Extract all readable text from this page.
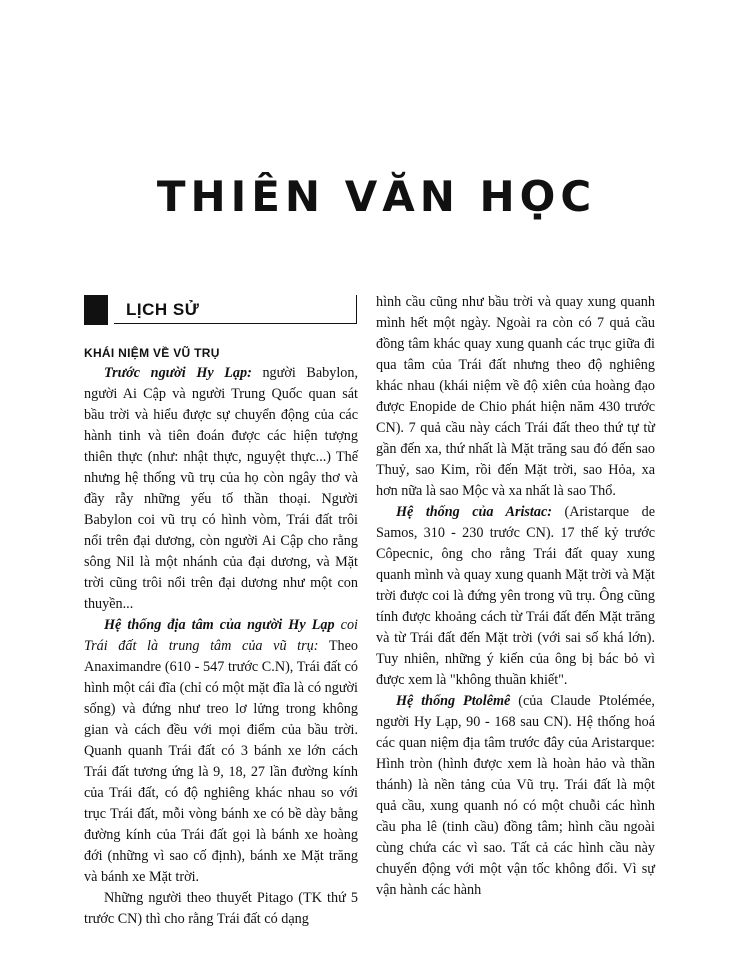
THIÊN VĂN HỌC
LỊCH SỬ
KHÁI NIỆM VỀ VŨ TRỤ

Trước người Hy Lạp: người Babylon, người Ai Cập và người Trung Quốc quan sát bầu trời và hiểu được sự chuyển động của các hành tinh và tiên đoán được các hiện tượng thiên thực (như: nhật thực, nguyệt thực...) Thế nhưng hệ thống vũ trụ của họ còn ngây thơ và đầy rẫy những yếu tố thần thoại. Người Babylon coi vũ trụ có hình vòm, Trái đất trôi nổi trên đại dương, còn người Ai Cập cho rằng sông Nil là một nhánh của đại dương, và Mặt trời cũng trôi nổi trên đại dương như một con thuyền...

Hệ thống địa tâm của người Hy Lạp coi Trái đất là trung tâm của vũ trụ: Theo Anaximandre (610 - 547 trước C.N), Trái đất có hình một cái đĩa (chỉ có một mặt đĩa là có người sống) và đứng như treo lơ lửng trong không gian và cách đều với mọi điểm của bầu trời. Quanh quanh Trái đất có 3 bánh xe lớn cách Trái đất tương ứng là 9, 18, 27 lần đường kính của Trái đất, có độ nghiêng khác nhau so với trục Trái đất, mỗi vòng bánh xe có bề dày bằng đường kính của Trái đất gọi là bánh xe hoàng đới (những vì sao cố định), bánh xe Mặt trăng và bánh xe Mặt trời.

Những người theo thuyết Pitago (TK thứ 5 trước CN) thì cho rằng Trái đất có dạng

hình cầu cũng như bầu trời và quay xung quanh mình hết một ngày. Ngoài ra còn có 7 quả cầu đồng tâm khác quay xung quanh các trục giữa đi qua tâm của Trái đất nhưng theo độ nghiêng khác nhau (khái niệm về độ xiên của hoàng đạo được Enopide de Chio phát hiện năm 430 trước CN). 7 quả cầu này cách Trái đất theo thứ tự từ gần đến xa, thứ nhất là Mặt trăng sau đó đến sao Thuỷ, sao Kim, rồi đến Mặt trời, sao Hỏa, xa hơn nữa là sao Mộc và xa nhất là sao Thổ.

Hệ thống của Aristac: (Aristarque de Samos, 310 - 230 trước CN). 17 thế kỷ trước Côpecnic, ông cho rằng Trái đất quay xung quanh mình và quay xung quanh Mặt trời và Mặt trời được coi là đứng yên trong vũ trụ. Ông cũng tính được khoảng cách từ Trái đất đến Mặt trăng và từ Trái đất đến Mặt trời (với sai số khá lớn). Tuy nhiên, những ý kiến của ông bị bác bỏ vì được xem là "không thuần khiết".

Hệ thống Ptolêmê (của Claude Ptolémée, người Hy Lạp, 90 - 168 sau CN). Hệ thống hoá các quan niệm địa tâm trước đây của Aristarque: Hình tròn (hình được xem là hoàn hảo và thần thánh) là nền tảng của Vũ trụ. Trái đất là một quả cầu, xung quanh nó có một chuỗi các hình cầu pha lê (tinh cầu) đồng tâm; hình cầu ngoài cùng chứa các vì sao. Tất cả các hình cầu này chuyển động với một vận tốc không đổi. Vì sự vận hành các hành
